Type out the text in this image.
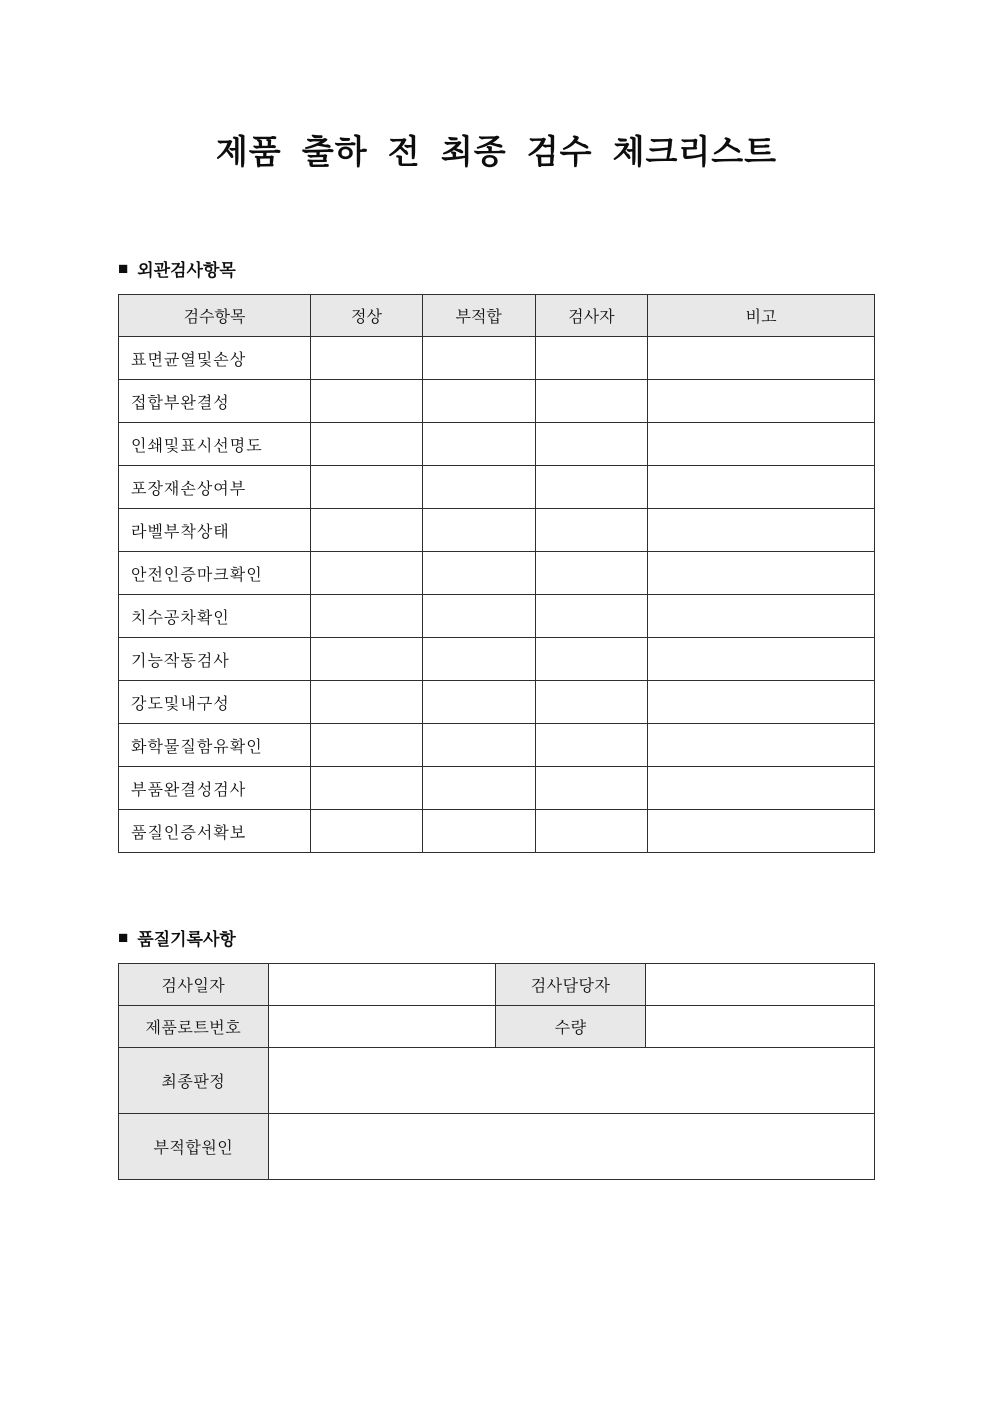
제품 출하 전 최종 검수 체크리스트
■ 외관검사항목
검수항목	정상	부적합	검사자	비고
표면균열및손상				
접합부완결성				
인쇄및표시선명도				
포장재손상여부				
라벨부착상태				
안전인증마크확인				
치수공차확인				
기능작동검사				
강도및내구성				
화학물질함유확인				
부품완결성검사				
품질인증서확보				
■ 품질기록사항
검사일자		검사담당자	
제품로트번호		수량	
최종판정			
부적합원인			
